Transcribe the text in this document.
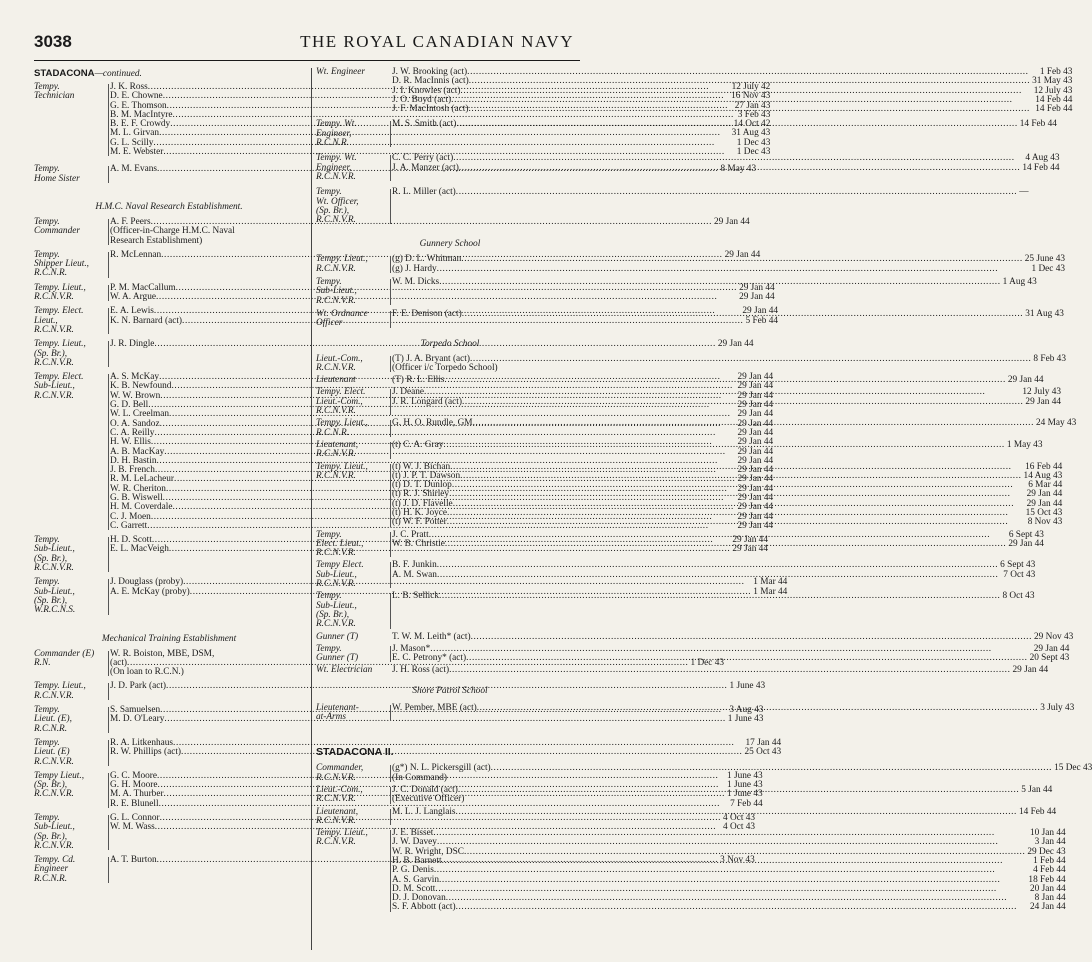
3038	THE ROYAL CANADIAN NAVY
STADACONA—continued.
Tempy.
Technician
J. K. Ross .....	12 July 42
D. E. Chowne .....	16 Nov 43
G. E. Thomson .....	27 Jan 43
B. M. MacIntyre .....	3 Feb 43
B. E. F. Crowdy .....	14 Oct 42
M. L. Girvan .....	31 Aug 43
G. L. Scilly .....	1 Dec 43
M. E. Webster .....	1 Dec 43
Tempy.
Home Sister
A. M. Evans .....	8 May 43
H.M.C. Naval Research Establishment.
Tempy.
Commander
A. F. Peers .....	29 Jan 44
(Officer-in-Charge H.M.C. Naval
Research Establishment)
Tempy.
Shipper Lieut.,
R.C.N.R.
R. McLennan .....	29 Jan 44
Tempy. Lieut.,
R.C.N.V.R.
P. M. MacCallum .....	29 Jan 44
W. A. Argue .....	29 Jan 44
Tempy. Elect.
Lieut.,
R.C.N.V.R.
E. A. Lewis .....	29 Jan 44
K. N. Barnard (act) .....	5 Feb 44
Tempy. Lieut.,
(Sp. Br.),
R.C.N.V.R.
J. R. Dingle .....	29 Jan 44
Tempy. Elect.
Sub-Lieut.,
R.C.N.V.R.
A. S. McKay .....	29 Jan 44
K. B. Newfound .....	29 Jan 44
W. W. Brown .....	29 Jan 44
G. D. Bell .....	29 Jan 44
W. L. Creelman .....	29 Jan 44
O. A. Sandoz .....	29 Jan 44
C. A. Reilly .....	29 Jan 44
H. W. Ellis .....	29 Jan 44
A. B. MacKay .....	29 Jan 44
D. H. Bastin .....	29 Jan 44
J. B. French .....	29 Jan 44
R. M. LeLacheur .....	29 Jan 44
W. R. Cheriton .....	29 Jan 44
G. B. Wiswell .....	29 Jan 44
H. M. Coverdale .....	29 Jan 44
C. J. Moen .....	29 Jan 44
C. Garrett .....	29 Jan 44
Tempy.
Sub-Lieut.,
(Sp. Br.),
R.C.N.V.R.
H. D. Scott .....	29 Jan 44
E. L. MacVeigh .....	29 Jan 44
Tempy.
Sub-Lieut.,
(Sp. Br.),
W.R.C.N.S.
J. Douglass (proby) .....	1 Mar 44
A. E. McKay (proby) .....	1 Mar 44
Mechanical Training Establishment
Commander (E)
R.N.
W. R. Boiston, MBE, DSM,
(act) .....	1 Dec 43
(On loan to R.C.N.)
Tempy. Lieut.,
R.C.N.V.R.
J. D. Park (act) .....	1 June 43
Tempy.
Lieut. (E),
R.C.N.R.
S. Samuelsen .....	3 Aug 43
M. D. O'Leary .....	1 June 43
Tempy.
Lieut. (E)
R.C.N.V.R.
R. A. Litkenhaus .....	17 Jan 44
R. W. Phillips (act) .....	25 Oct 43
Tempy Lieut.,
(Sp. Br.),
R.C.N.V.R.
G. C. Moore .....	1 June 43
G. H. Moore .....	1 June 43
M. A. Thurber .....	1 June 43
R. E. Blunell .....	7 Feb 44
Tempy.
Sub-Lieut.,
(Sp. Br.),
R.C.N.V.R.
G. L. Connor .....	4 Oct 43
W. M. Wass .....	4 Oct 43
Tempy. Cd.
Engineer
R.C.N.R.
A. T. Burton .....	3 Nov 43
Wt. Engineer	J. W. Brooking (act) .....	1 Feb 43
D. R. MacInnis (act) .....	31 May 43
J. I. Knowles (act) .....	12 July 43
J. O. Boyd (act) .....	14 Feb 44
J. F. MacIntosh (act) .....	14 Feb 44
Tempy. Wt.
Engineer,
R.C.N.R.
M. S. Smith (act) .....	14 Feb 44
Tempy. Wt.
Engineer,
R.C.N.V.R.
C. C. Perry (act) .....	4 Aug 43
J. A. Manzer (act) .....	14 Feb 44
Tempy.
Wt. Officer,
(Sp. Br.),
R.C.N.V.R.
R. L. Miller (act) .....	—
Gunnery School
Tempy. Lieut.,
R.C.N.V.R.
(g) D. L. Whitman .....	25 June 43
(g) J. Hardy .....	1 Dec 43
Tempy.
Sub-Lieut.,
R.C.N.V.R.
W. M. Dicks .....	1 Aug 43
Wt. Ordnance
Officer
F. E. Denison (act) .....	31 Aug 43
Torpedo School
Lieut.-Com.,
R.C.N.V.R.
(T) J. A. Bryant (act) .....	8 Feb 43
(Officer i/c Torpedo School)
Lieutenant	(T) R. L. Ellis .....	29 Jan 44
Tempy. Elect.
Lieut.-Com.,
R.C.N.V.R.
J. Deane .....	12 July 43
J. R. Longard (act) .....	29 Jan 44
Tempy. Lieut.,
R.C.N.R.
G. H. O. Rundle, GM .....	24 May 43
Lieutenant,
R.C.N.V.R.
(t) C. A. Gray .....	1 May 43
Tempy. Lieut.,
R.C.N.V.R.
(t) W. J. Bichan .....	16 Feb 44
(t) J. P. T. Dawson .....	14 Aug 43
(t) D. T. Dunlop .....	6 Mar 44
(t) R. J. Shirley .....	29 Jan 44
(t) J. D. Flavelle .....	29 Jan 44
(t) H. K. Joyce .....	15 Oct 43
(t) W. F. Potter .....	8 Nov 43
Tempy.
Elect. Lieut.,
R.C.N.V.R.
J. C. Pratt .....	6 Sept 43
W. B. Christie .....	29 Jan 44
Tempy Elect.
Sub-Lieut.,
R.C.N.V.R.
B. F. Junkin .....	6 Sept 43
A. M. Swan .....	7 Oct 43
Tempy.
Sub-Lieut.,
(Sp. Br.),
R.C.N.V.R.
L. B. Sellick .....	8 Oct 43
Gunner (T)	T. W. M. Leith* (act) .....	29 Nov 43
Tempy.
Gunner (T)
J. Mason* .....	29 Jan 44
E. C. Petrony* (act) .....	20 Sept 43
Wt. Electrician	J. H. Ross (act) .....	29 Jan 44
Shore Patrol School
Lieutenant-
at-Arms
W. Pember, MBE (act) .....	3 July 43
STADACONA II.
Commander,
R.C.N.V.R.
(g*) N. L. Pickersgill (act) .....	15 Dec 43
(In Command)
Lieut.-Com.,
R.C.N.V.R.
J. C. Donald (act) .....	5 Jan 44
(Executive Officer)
Lieutenant,
R.C.N.V.R.
M. L. J. Langlais .....	14 Feb 44
Tempy. Lieut.,
R.C.N.V.R.
J. E. Bisset .....	10 Jan 44
J. W. Davey .....	3 Jan 44
W. R. Wright, DSC .....	29 Dec 43
H. B. Barnett .....	1 Feb 44
P. G. Denis .....	4 Feb 44
A. S. Garvin .....	18 Feb 44
D. M. Scott .....	20 Jan 44
D. J. Donovan .....	8 Jan 44
S. F. Abbott (act) .....	24 Jan 44
